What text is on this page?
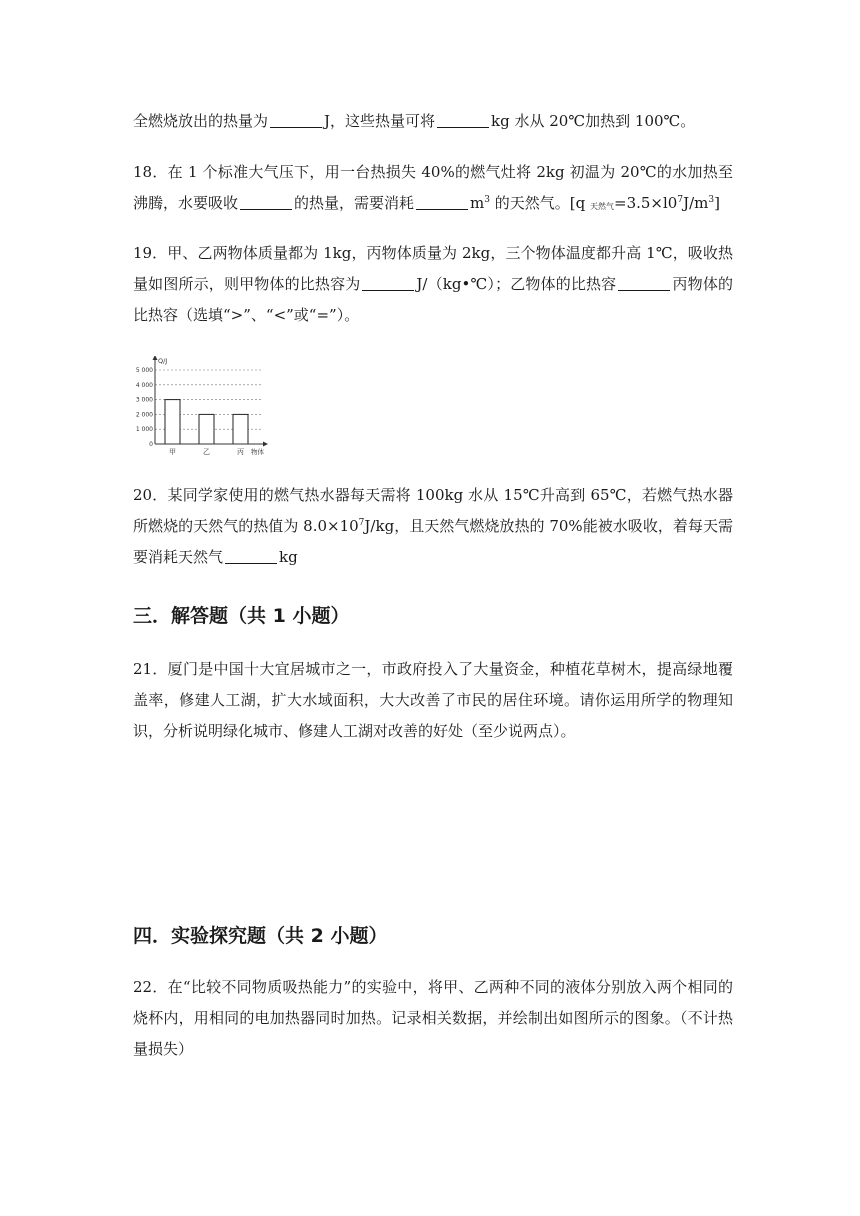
全燃烧放出的热量为	J，这些热量可将	kg 水从 20℃加热到 100℃。
18．在 1 个标准大气压下，用一台热损失 40%的燃气灶将 2kg 初温为 20℃的水加热至沸腾，水要吸收	的热量，需要消耗	$m^3$ 的天然气。[q $_{天然气}=3.5\times l0^7J/m^3$]
19．甲、乙两物体质量都为 1kg，丙物体质量为 2kg，三个物体温度都升高 1℃，吸收热量如图所示，则甲物体的比热容为	J/（kg•℃）；乙物体的比热容	丙物体的比热容（选填“>”、“<”或“=”）。
0
1 000
2 000
3 000
4 000
5 000
甲	乙	丙
Q/J
物体
20．某同学家使用的燃气热水器每天需将 100kg 水从 15℃升高到 65℃，若燃气热水器所燃烧的天然气的热值为 $8.0\times 10^7J/kg$，且天然气燃烧放热的 70%能被水吸收，着每天需要消耗天然气	kg
三．解答题（共 1 小题）
21．厦门是中国十大宜居城市之一，市政府投入了大量资金，种植花草树木，提高绿地覆盖率，修建人工湖，扩大水域面积，大大改善了市民的居住环境。请你运用所学的物理知识，分析说明绿化城市、修建人工湖对改善的好处（至少说两点）。
四．实验探究题（共 2 小题）
22．在“比较不同物质吸热能力”的实验中，将甲、乙两种不同的液体分别放入两个相同的烧杯内，用相同的电加热器同时加热。记录相关数据，并绘制出如图所示的图象。（不计热量损失）
